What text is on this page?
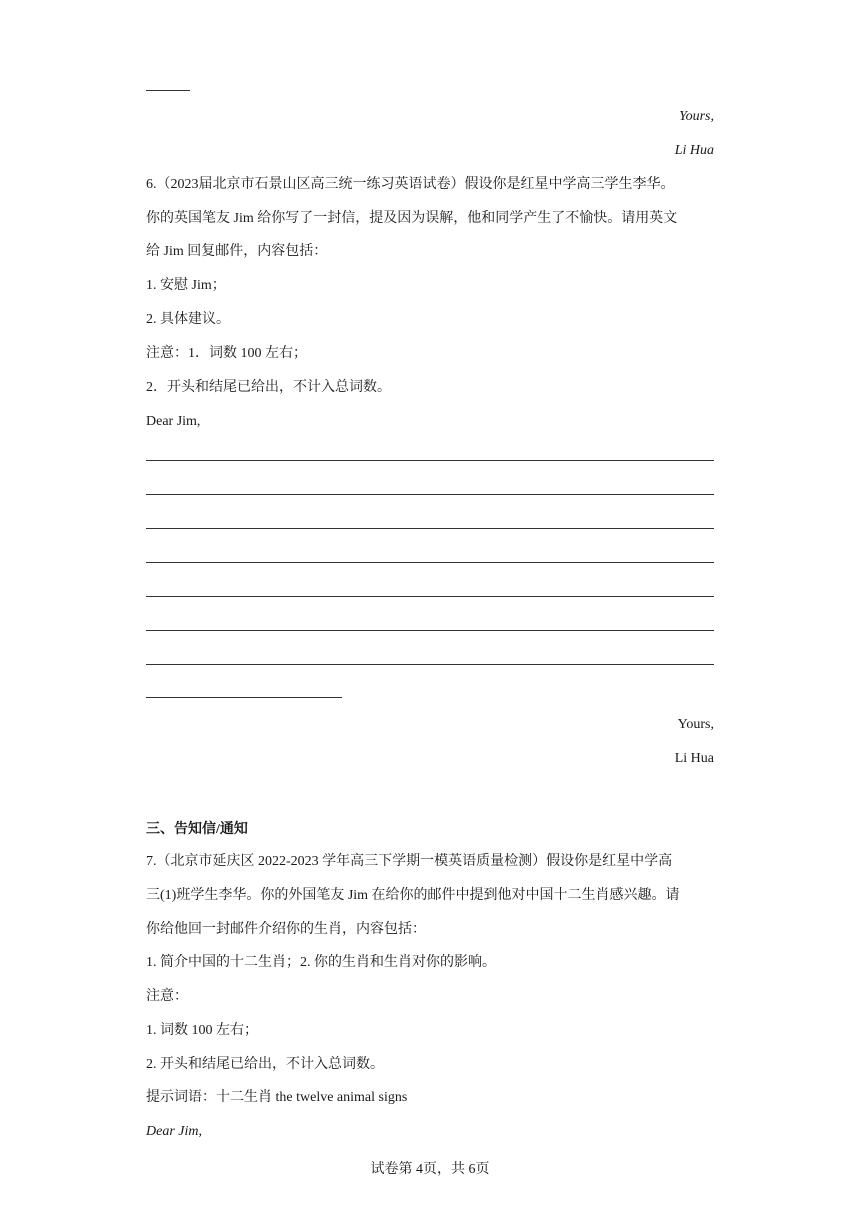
Yours,
Li Hua
6.（2023届北京市石景山区高三统一练习英语试卷）假设你是红星中学高三学生李华。
你的英国笔友 Jim 给你写了一封信，提及因为误解，他和同学产生了不愉快。请用英文
给 Jim 回复邮件，内容包括：
1. 安慰 Jim；
2. 具体建议。
注意：1．词数 100 左右；
2．开头和结尾已给出，不计入总词数。
Dear Jim,
Yours,
Li Hua
三、告知信/通知
7.（北京市延庆区 2022-2023 学年高三下学期一模英语质量检测）假设你是红星中学高
三(1)班学生李华。你的外国笔友 Jim 在给你的邮件中提到他对中国十二生肖感兴趣。请
你给他回一封邮件介绍你的生肖，内容包括：
1. 简介中国的十二生肖；2. 你的生肖和生肖对你的影响。
注意：
1. 词数 100 左右；
2. 开头和结尾已给出，不计入总词数。
提示词语：十二生肖 the twelve animal signs
Dear Jim,
试卷第 4页，共 6页
